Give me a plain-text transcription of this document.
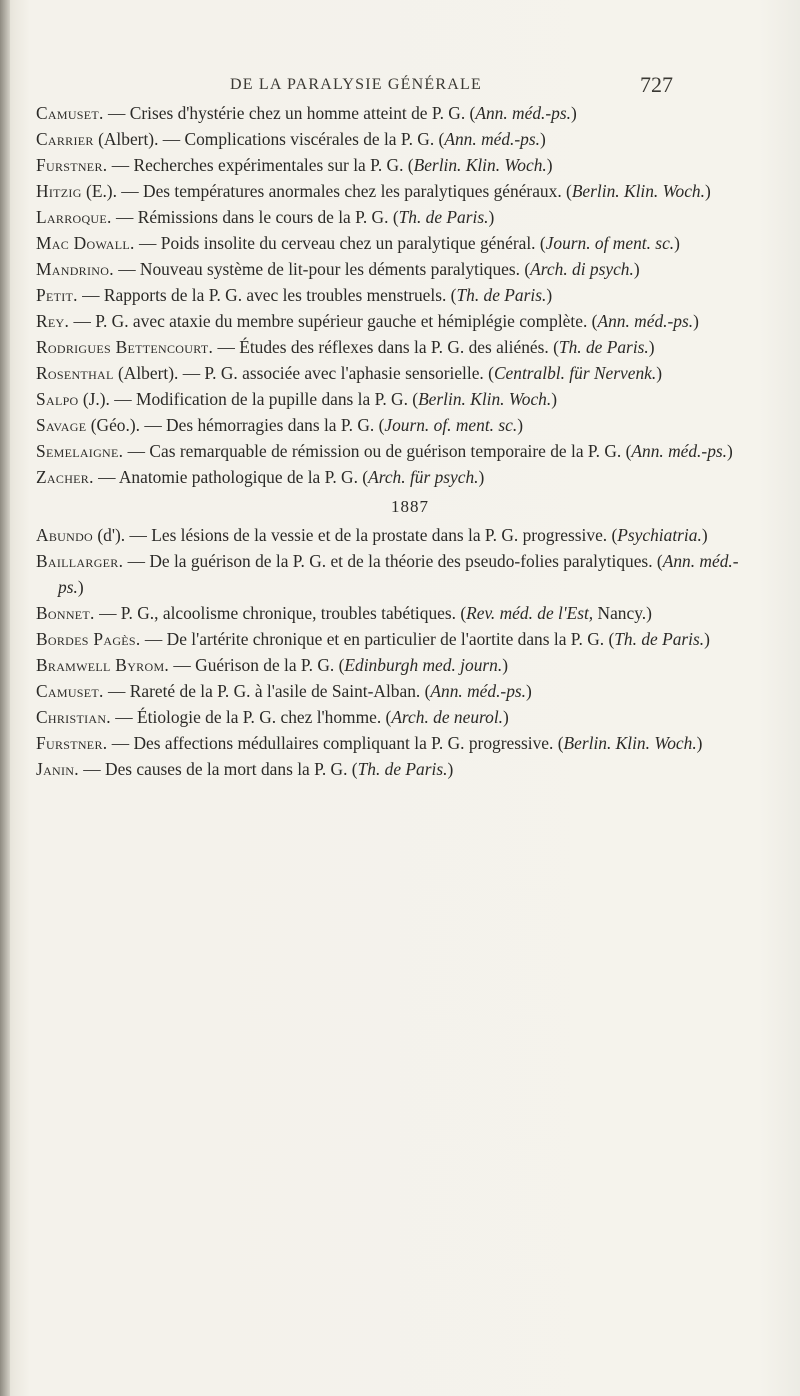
DE LA PARALYSIE GÉNÉRALE	727

Camuset. — Crises d'hystérie chez un homme atteint de P. G. (Ann. méd.-ps.)

Carrier (Albert). — Complications viscérales de la P. G. (Ann. méd.-ps.)

Furstner. — Recherches expérimentales sur la P. G. (Berlin. Klin. Woch.)

Hitzig (E.). — Des températures anormales chez les paralytiques généraux. (Berlin. Klin. Woch.)

Larroque. — Rémissions dans le cours de la P. G. (Th. de Paris.)

Mac Dowall. — Poids insolite du cerveau chez un paralytique général. (Journ. of ment. sc.)

Mandrino. — Nouveau système de lit-pour les déments paralytiques. (Arch. di psych.)

Petit. — Rapports de la P. G. avec les troubles menstruels. (Th. de Paris.)

Rey. — P. G. avec ataxie du membre supérieur gauche et hémiplégie complète. (Ann. méd.-ps.)

Rodrigues Bettencourt. — Études des réflexes dans la P. G. des aliénés. (Th. de Paris.)

Rosenthal (Albert). — P. G. associée avec l'aphasie sensorielle. (Centralbl. für Nervenk.)

Salpo (J.). — Modification de la pupille dans la P. G. (Berlin. Klin. Woch.)

Savage (Géo.). — Des hémorragies dans la P. G. (Journ. of. ment. sc.)

Semelaigne. — Cas remarquable de rémission ou de guérison temporaire de la P. G. (Ann. méd.-ps.)

Zacher. — Anatomie pathologique de la P. G. (Arch. für psych.)

1887

Abundo (d'). — Les lésions de la vessie et de la prostate dans la P. G. progressive. (Psychiatria.)

Baillarger. — De la guérison de la P. G. et de la théorie des pseudo-folies paralytiques. (Ann. méd.-ps.)

Bonnet. — P. G., alcoolisme chronique, troubles tabétiques. (Rev. méd. de l'Est, Nancy.)

Bordes Pagès. — De l'artérite chronique et en particulier de l'aortite dans la P. G. (Th. de Paris.)

Bramwell Byrom. — Guérison de la P. G. (Edinburgh med. journ.)

Camuset. — Rareté de la P. G. à l'asile de Saint-Alban. (Ann. méd.-ps.)

Christian. — Étiologie de la P. G. chez l'homme. (Arch. de neurol.)

Furstner. — Des affections médullaires compliquant la P. G. progressive. (Berlin. Klin. Woch.)

Janin. — Des causes de la mort dans la P. G. (Th. de Paris.)
